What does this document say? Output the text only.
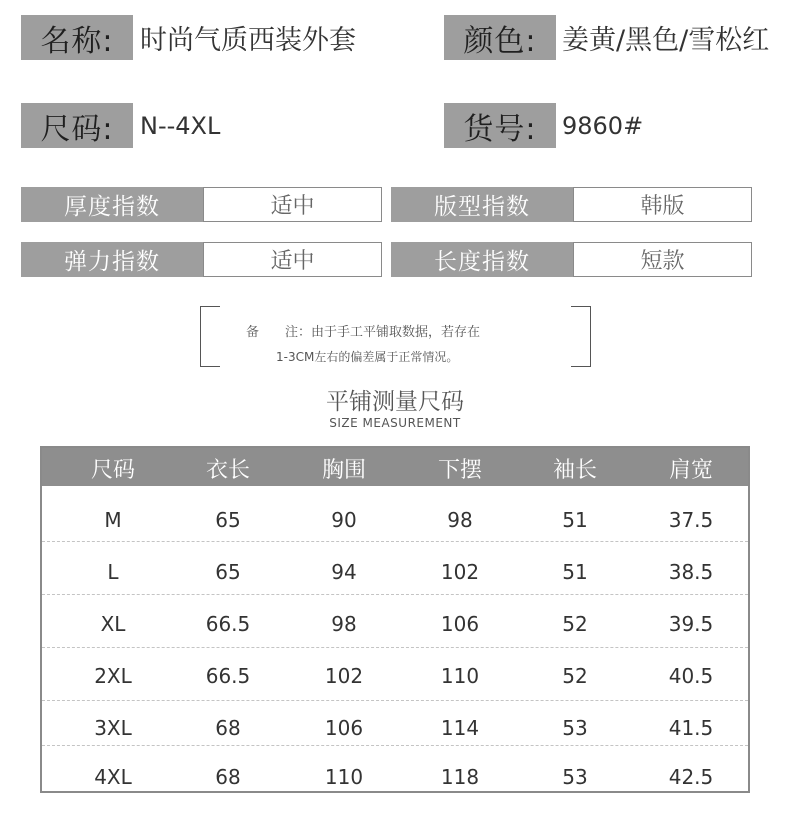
名称: 时尚气质西装外套	颜色: 姜黄/黑色/雪松红
尺码:	N--4XL	货号:	9860#
厚度指数	适中	版型指数	韩版
弹力指数	适中	长度指数	短款
备　　注：由于手工平铺取数据，若存在
1-3CM左右的偏差属于正常情况。
平铺测量尺码
SIZE MEASUREMENT
尺码	衣长	胸围	下摆	袖长	肩宽
M	65	90	98	51	37.5
L	65	94	102	51	38.5
XL	66.5	98	106	52	39.5
2XL	66.5	102	110	52	40.5
3XL	68	106	114	53	41.5
4XL	68	110	118	53	42.5
